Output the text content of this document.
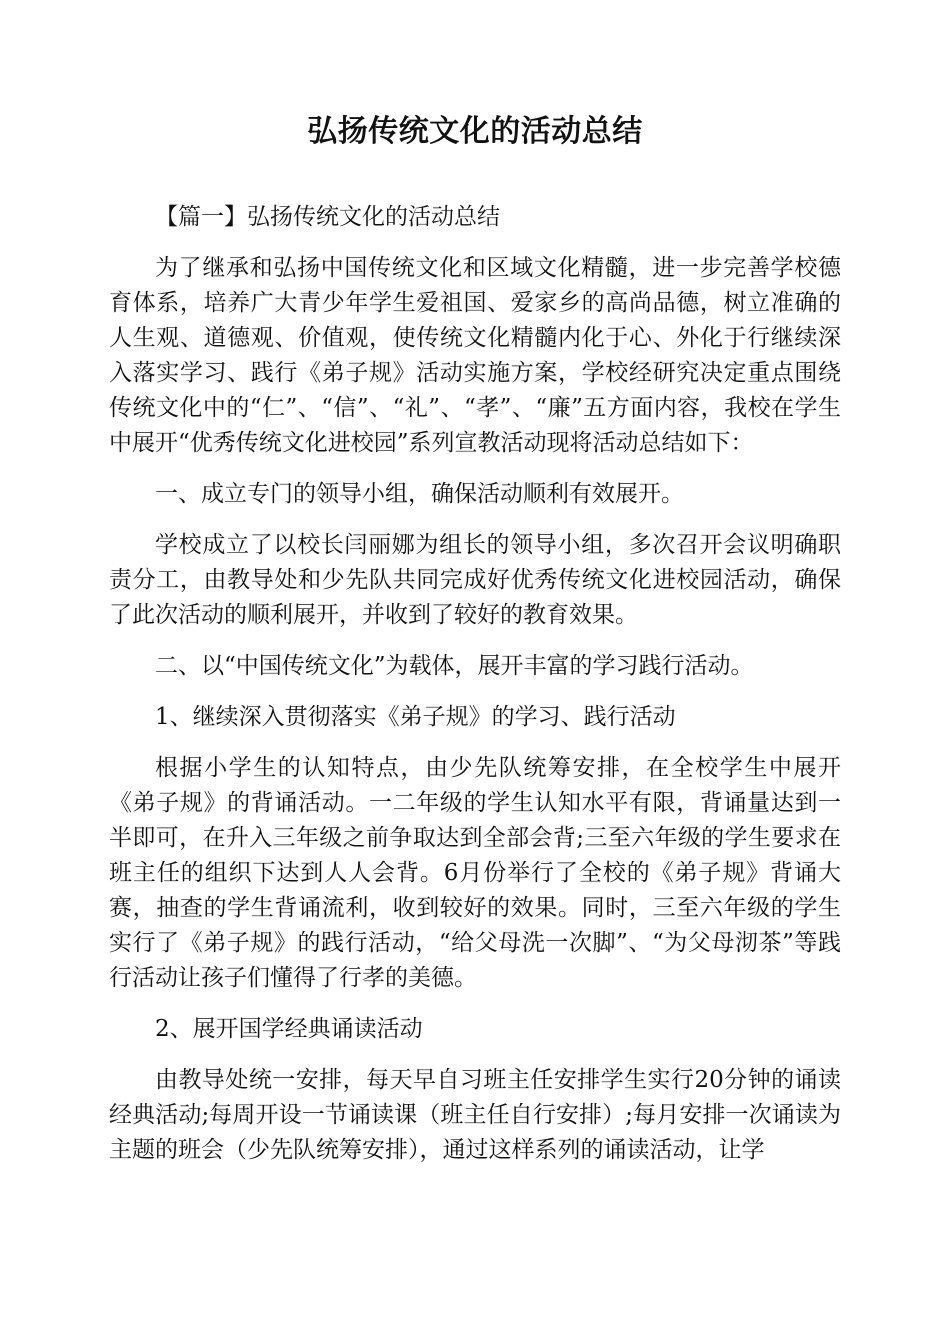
弘扬传统文化的活动总结

【篇一】弘扬传统文化的活动总结

为了继承和弘扬中国传统文化和区域文化精髓，进一步完善学校德育体系，培养广大青少年学生爱祖国、爱家乡的高尚品德，树立准确的人生观、道德观、价值观，使传统文化精髓内化于心、外化于行继续深入落实学习、践行《弟子规》活动实施方案，学校经研究决定重点围绕传统文化中的“仁”、“信”、“礼”、“孝”、“廉”五方面内容，我校在学生中展开“优秀传统文化进校园”系列宣教活动现将活动总结如下：

一、成立专门的领导小组，确保活动顺利有效展开。

学校成立了以校长闫丽娜为组长的领导小组，多次召开会议明确职责分工，由教导处和少先队共同完成好优秀传统文化进校园活动，确保了此次活动的顺利展开，并收到了较好的教育效果。

二、以“中国传统文化”为载体，展开丰富的学习践行活动。

1、继续深入贯彻落实《弟子规》的学习、践行活动

根据小学生的认知特点，由少先队统筹安排，在全校学生中展开《弟子规》的背诵活动。一二年级的学生认知水平有限，背诵量达到一半即可，在升入三年级之前争取达到全部会背;三至六年级的学生要求在班主任的组织下达到人人会背。6月份举行了全校的《弟子规》背诵大赛，抽查的学生背诵流利，收到较好的效果。同时，三至六年级的学生实行了《弟子规》的践行活动，“给父母洗一次脚”、“为父母沏茶”等践行活动让孩子们懂得了行孝的美德。

2、展开国学经典诵读活动

由教导处统一安排，每天早自习班主任安排学生实行20分钟的诵读经典活动;每周开设一节诵读课（班主任自行安排）;每月安排一次诵读为主题的班会（少先队统筹安排），通过这样系列的诵读活动，让学
